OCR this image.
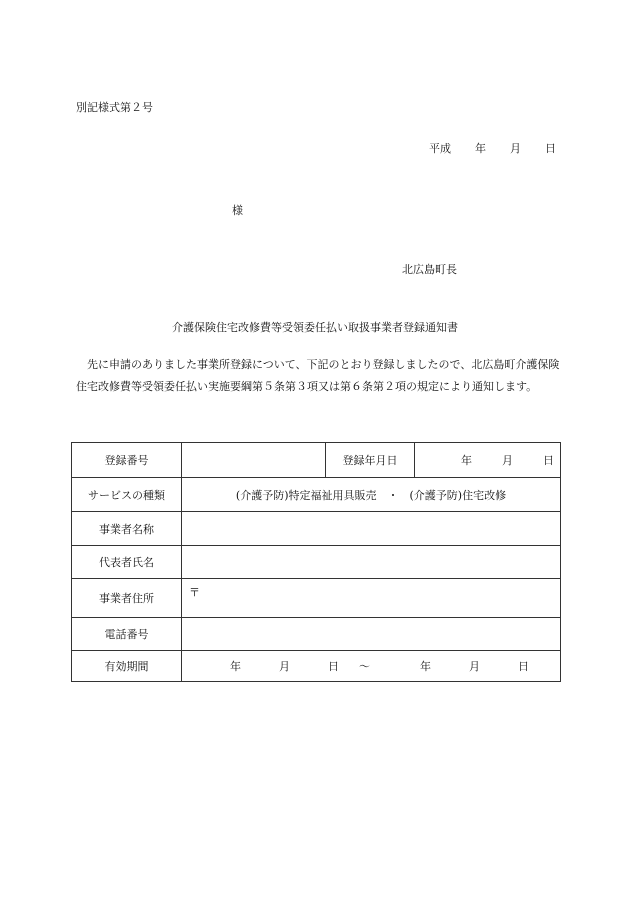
別記様式第２号
平成 年 月 日
様
北広島町長
介護保険住宅改修費等受領委任払い取扱事業者登録通知書

先に申請のありました事業所登録について、下記のとおり登録しましたので、北広島町介護保険住宅改修費等受領委任払い実施要綱第５条第３項又は第６条第２項の規定により通知します。

登録番号		登録年月日	年 月 日
サービスの種類	(介護予防)特定福祉用具販売　・　(介護予防)住宅改修		
事業者名称			
代表者氏名			
事業者住所	〒		
電話番号			
有効期間	年 月 日 〜 年 月 日		
